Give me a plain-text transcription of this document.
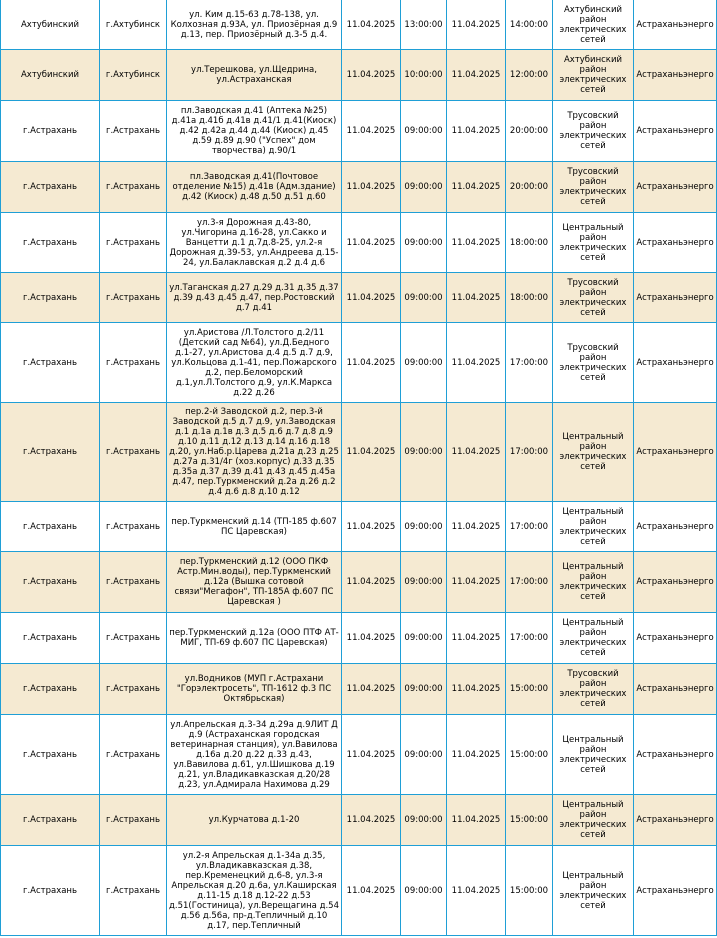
Ахтубинский	г.Ахтубинск	ул. Ким д.15-63 д.78-138, ул. Колхозная д.93А, ул. Приозёрная д.9 д.13, пер. Приозёрный д.3-5 д.4.	11.04.2025	13:00:00	11.04.2025	14:00:00	Ахтубинский район электрических сетей	Астраханьэнерго
Ахтубинский	г.Ахтубинск	ул.Терешкова, ул.Щедрина, ул.Астраханская	11.04.2025	10:00:00	11.04.2025	12:00:00	Ахтубинский район электрических сетей	Астраханьэнерго
г.Астрахань	г.Астрахань	пл.Заводская д.41 (Аптека №25) д.41а д.41б д.41в д.41/1 д.41(Киоск) д.42 д.42а д.44 д.44 (Киоск) д.45 д.59 д.89 д.90 ("Успех" дом творчества) д.90/1	11.04.2025	09:00:00	11.04.2025	20:00:00	Трусовский район электрических сетей	Астраханьэнерго
г.Астрахань	г.Астрахань	пл.Заводская д.41(Почтовое отделение №15) д.41в (Адм.здание) д.42 (Киоск) д.48 д.50 д.51 д.60	11.04.2025	09:00:00	11.04.2025	20:00:00	Трусовский район электрических сетей	Астраханьэнерго
г.Астрахань	г.Астрахань	ул.3-я Дорожная д.43-80, ул.Чигорина д.16-28, ул.Сакко и Ванцетти д.1 д.7д.8-25, ул.2-я Дорожная д.39-53, ул.Андреева д.15-24, ул.Балаклавская д.2 д.4 д.6	11.04.2025	09:00:00	11.04.2025	18:00:00	Центральный район электрических сетей	Астраханьэнерго
г.Астрахань	г.Астрахань	ул.Таганская д.27 д.29 д.31 д.35 д.37 д.39 д.43 д.45 д.47, пер.Ростовский д.7 д.41	11.04.2025	09:00:00	11.04.2025	18:00:00	Трусовский район электрических сетей	Астраханьэнерго
г.Астрахань	г.Астрахань	ул.Аристова /Л.Толстого д.2/11 (Детский сад №64), ул.Д.Бедного д.1-27, ул.Аристова д.4 д.5 д.7 д.9, ул.Кольцова д.1-41, пер.Пожарского д.2, пер.Беломорский д.1,ул.Л.Толстого д.9, ул.К.Маркса д.22 д.26	11.04.2025	09:00:00	11.04.2025	17:00:00	Трусовский район электрических сетей	Астраханьэнерго
г.Астрахань	г.Астрахань	пер.2-й Заводской д.2, пер.3-й Заводской д.5 д.7 д.9, ул.Заводская д.1 д.1а д.1в д.3 д.5 д.6 д.7 д.8 д.9 д.10 д.11 д.12 д.13 д.14 д.16 д.18 д.20, ул.Наб.р.Царева д.21а д.23 д.25 д.27а д.31/4г (хоз.корпус) д.33 д.35 д.35а д.37 д.39 д.41 д.43 д.45 д.45а д.47, пер.Туркменский д.2а д.26 д.2 д.4 д.6 д.8 д.10 д.12	11.04.2025	09:00:00	11.04.2025	17:00:00	Центральный район электрических сетей	Астраханьэнерго
г.Астрахань	г.Астрахань	пер.Туркменский д.14 (ТП-185 ф.607 ПС Царевская)	11.04.2025	09:00:00	11.04.2025	17:00:00	Центральный район электрических сетей	Астраханьэнерго
г.Астрахань	г.Астрахань	пер.Туркменский д.12 (ООО ПКФ Астр.Мин.воды), пер.Туркменский д.12а (Вышка сотовой связи"Мегафон", ТП-185А ф.607 ПС Царевская )	11.04.2025	09:00:00	11.04.2025	17:00:00	Центральный район электрических сетей	Астраханьэнерго
г.Астрахань	г.Астрахань	пер.Туркменский д.12а (ООО ПТФ АТ-МИГ, ТП-69 ф.607 ПС Царевская)	11.04.2025	09:00:00	11.04.2025	17:00:00	Центральный район электрических сетей	Астраханьэнерго
г.Астрахань	г.Астрахань	ул.Водников (МУП г.Астрахани "Горэлектросеть", ТП-1612 ф.3 ПС Октябрьская)	11.04.2025	09:00:00	11.04.2025	15:00:00	Трусовский район электрических сетей	Астраханьэнерго
г.Астрахань	г.Астрахань	ул.Апрельская д.3-34 д.29а д.9ЛИТ Д д.9 (Астраханская городская ветеринарная станция), ул.Вавилова д.16а д.20 д.22 д.33 д.43, ул.Вавилова д.61, ул.Шишкова д.19 д.21, ул.Владикавказская д.20/28 д.23, ул.Адмирала Нахимова д.29	11.04.2025	09:00:00	11.04.2025	15:00:00	Центральный район электрических сетей	Астраханьэнерго
г.Астрахань	г.Астрахань	ул.Курчатова д.1-20	11.04.2025	09:00:00	11.04.2025	15:00:00	Центральный район электрических сетей	Астраханьэнерго
г.Астрахань	г.Астрахань	ул.2-я Апрельская д.1-34а д.35, ул.Владикавказская д.38, пер.Кременецкий д.6-8, ул.3-я Апрельская д.20 д.6а, ул.Каширская д.11-15 д.18 д.12-22 д.53 д.51(Гостиница), ул.Верещагина д.54 д.56 д.56а, пр-д.Тепличный д.10 д.17, пер.Тепличный	11.04.2025	09:00:00	11.04.2025	15:00:00	Центральный район электрических сетей	Астраханьэнерго
